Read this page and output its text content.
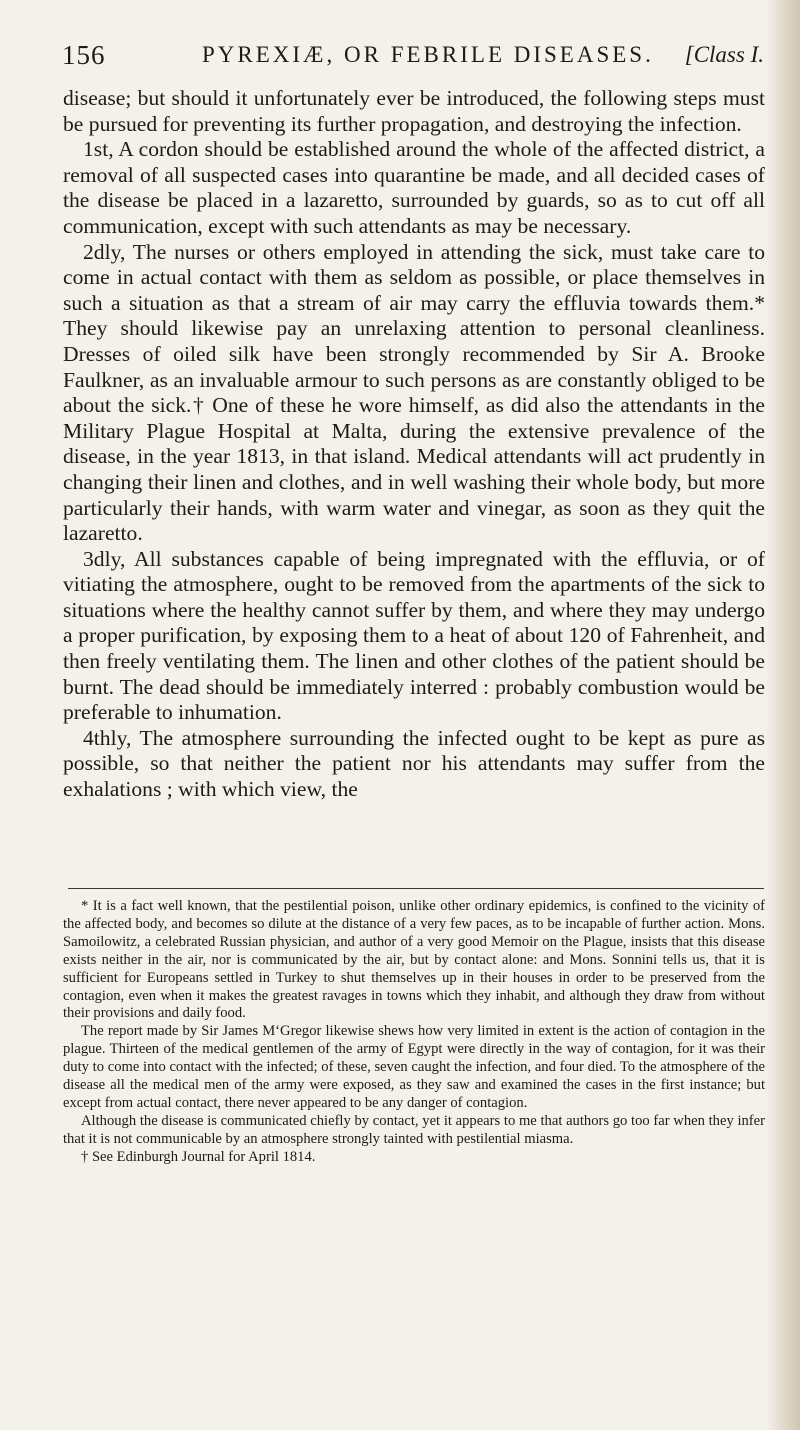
156	PYREXIÆ, OR FEBRILE DISEASES. [Class I.

disease; but should it unfortunately ever be introduced, the following steps must be pursued for preventing its further propagation, and destroying the infection.

1st, A cordon should be established around the whole of the affected district, a removal of all suspected cases into quarantine be made, and all decided cases of the disease be placed in a lazaretto, surrounded by guards, so as to cut off all communication, except with such attendants as may be necessary.

2dly, The nurses or others employed in attending the sick, must take care to come in actual contact with them as seldom as possible, or place themselves in such a situation as that a stream of air may carry the effluvia towards them.* They should likewise pay an unrelaxing attention to personal cleanliness. Dresses of oiled silk have been strongly recommended by Sir A. Brooke Faulkner, as an invaluable armour to such persons as are constantly obliged to be about the sick.† One of these he wore himself, as did also the attendants in the Military Plague Hospital at Malta, during the extensive prevalence of the disease, in the year 1813, in that island. Medical attendants will act prudently in changing their linen and clothes, and in well washing their whole body, but more particularly their hands, with warm water and vinegar, as soon as they quit the lazaretto.

3dly, All substances capable of being impregnated with the effluvia, or of vitiating the atmosphere, ought to be removed from the apartments of the sick to situations where the healthy cannot suffer by them, and where they may undergo a proper purification, by exposing them to a heat of about 120 of Fahrenheit, and then freely ventilating them. The linen and other clothes of the patient should be burnt. The dead should be immediately interred : probably combustion would be preferable to inhumation.

4thly, The atmosphere surrounding the infected ought to be kept as pure as possible, so that neither the patient nor his attendants may suffer from the exhalations ; with which view, the

* It is a fact well known, that the pestilential poison, unlike other ordinary epidemics, is confined to the vicinity of the affected body, and becomes so dilute at the distance of a very few paces, as to be incapable of further action. Mons. Samoilowitz, a celebrated Russian physician, and author of a very good Memoir on the Plague, insists that this disease exists neither in the air, nor is communicated by the air, but by contact alone: and Mons. Sonnini tells us, that it is sufficient for Europeans settled in Turkey to shut themselves up in their houses in order to be preserved from the contagion, even when it makes the greatest ravages in towns which they inhabit, and although they draw from without their provisions and daily food.

The report made by Sir James M‘Gregor likewise shews how very limited in extent is the action of contagion in the plague. Thirteen of the medical gentlemen of the army of Egypt were directly in the way of contagion, for it was their duty to come into contact with the infected; of these, seven caught the infection, and four died. To the atmosphere of the disease all the medical men of the army were exposed, as they saw and examined the cases in the first instance; but except from actual contact, there never appeared to be any danger of contagion.

Although the disease is communicated chiefly by contact, yet it appears to me that authors go too far when they infer that it is not communicable by an atmosphere strongly tainted with pestilential miasma.

† See Edinburgh Journal for April 1814.
